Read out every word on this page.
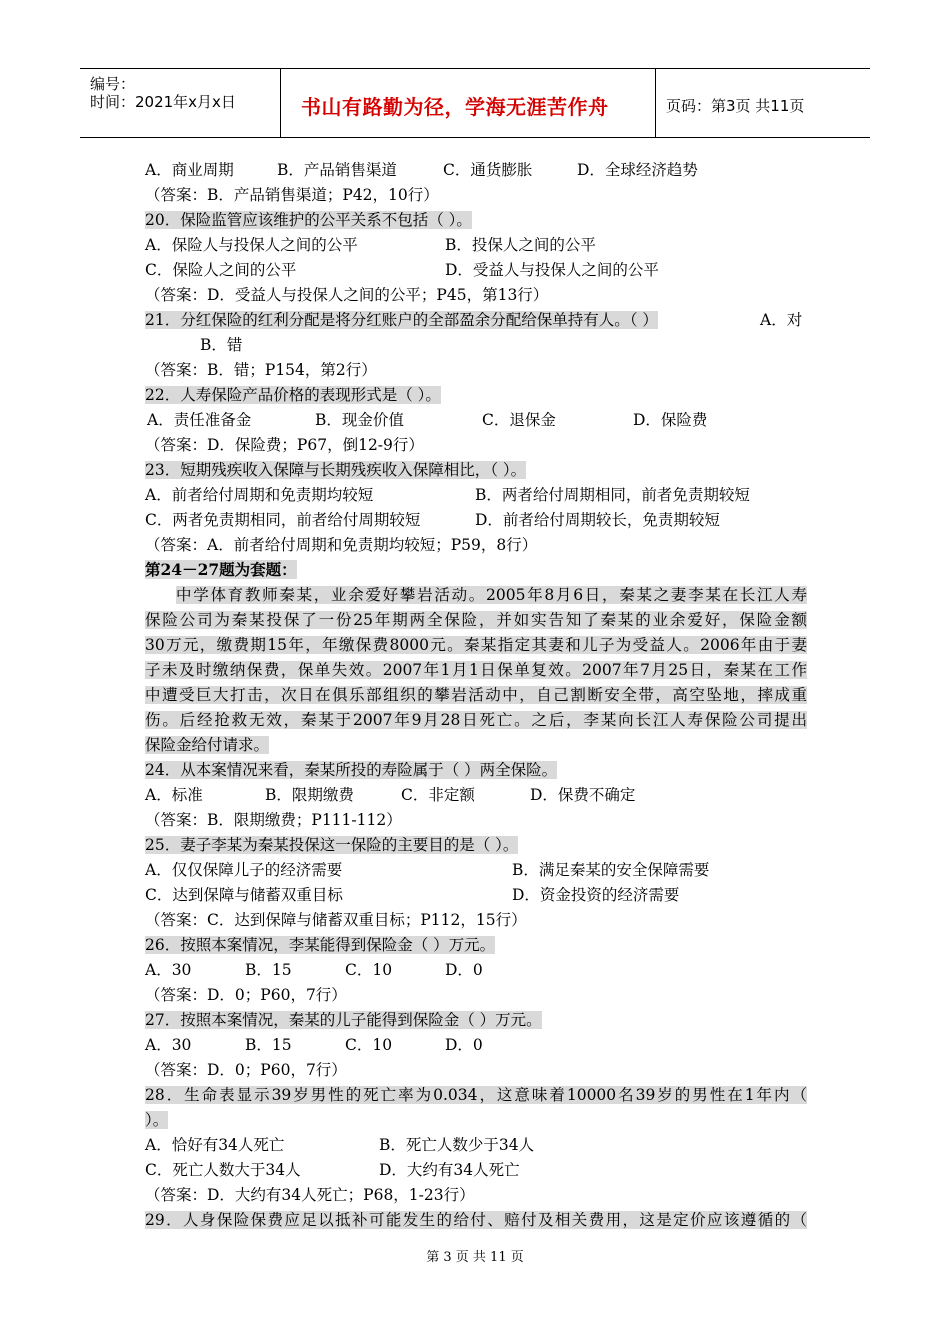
编号：
时间：2021年x月x日	书山有路勤为径，学海无涯苦作舟	页码：第3页 共11页
A．商业周期	B．产品销售渠道	C．通货膨胀	D．全球经济趋势
（答案：B．产品销售渠道；P42，10行）
20．保险监管应该维护的公平关系不包括（ ）。
A．保险人与投保人之间的公平	B．投保人之间的公平
C．保险人之间的公平	D．受益人与投保人之间的公平
（答案：D．受益人与投保人之间的公平；P45，第13行）
21．分红保险的红利分配是将分红账户的全部盈余分配给保单持有人。（ ）	A．对
B．错
（答案：B．错；P154，第2行）
22．人寿保险产品价格的表现形式是（ ）。
A．责任准备金	B．现金价值	C．退保金	D．保险费
（答案：D．保险费；P67，倒12-9行）
23．短期残疾收入保障与长期残疾收入保障相比，（ ）。
A．前者给付周期和免责期均较短	B．两者给付周期相同，前者免责期较短
C．两者免责期相同，前者给付周期较短	D．前者给付周期较长，免责期较短
（答案：A．前者给付周期和免责期均较短；P59，8行）
第24－27题为套题：
中学体育教师秦某，业余爱好攀岩活动。2005年8月6日，秦某之妻李某在长江人寿
保险公司为秦某投保了一份25年期两全保险，并如实告知了秦某的业余爱好，保险金额
30万元，缴费期15年，年缴保费8000元。秦某指定其妻和儿子为受益人。2006年由于妻
子未及时缴纳保费，保单失效。2007年1月1日保单复效。2007年7月25日，秦某在工作
中遭受巨大打击，次日在俱乐部组织的攀岩活动中，自己割断安全带，高空坠地，摔成重
伤。后经抢救无效，秦某于2007年9月28日死亡。之后，李某向长江人寿保险公司提出
保险金给付请求。
24．从本案情况来看，秦某所投的寿险属于（ ）两全保险。
A．标准	B．限期缴费	C．非定额	D．保费不确定
（答案：B．限期缴费；P111-112）
25．妻子李某为秦某投保这一保险的主要目的是（ ）。
A．仅仅保障儿子的经济需要	B．满足秦某的安全保障需要
C．达到保障与储蓄双重目标	D．资金投资的经济需要
（答案：C．达到保障与储蓄双重目标；P112，15行）
26．按照本案情况，李某能得到保险金（ ）万元。
A．30	B．15	C．10	D．0
（答案：D．0；P60，7行）
27．按照本案情况，秦某的儿子能得到保险金（ ）万元。
A．30	B．15	C．10	D．0
（答案：D．0；P60，7行）
28．生命表显示39岁男性的死亡率为0.034，这意味着10000名39岁的男性在1年内（
）。
A．恰好有34人死亡	B．死亡人数少于34人
C．死亡人数大于34人	D．大约有34人死亡
（答案：D．大约有34人死亡；P68，1-23行）
29．人身保险保费应足以抵补可能发生的给付、赔付及相关费用，这是定价应该遵循的（
第 3 页 共 11 页
